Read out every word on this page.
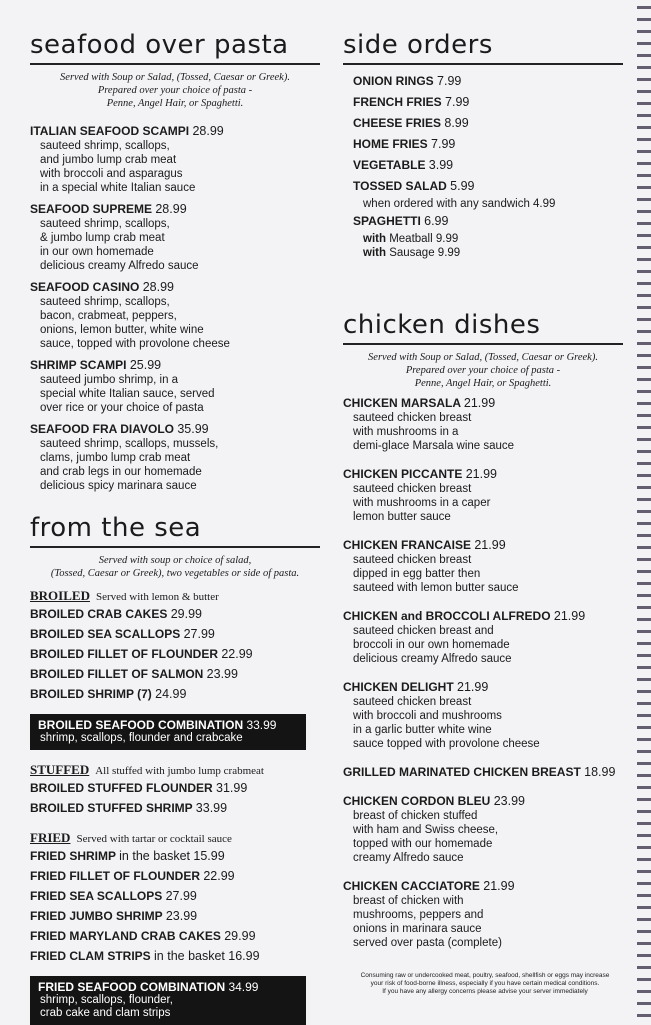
seafood over pasta
Served with Soup or Salad, (Tossed, Caesar or Greek).
Prepared over your choice of pasta -
Penne, Angel Hair, or Spaghetti.
ITALIAN SEAFOOD SCAMPI 28.99
sauteed shrimp, scallops,
and jumbo lump crab meat
with broccoli and asparagus
in a special white Italian sauce
SEAFOOD SUPREME 28.99
sauteed shrimp, scallops,
& jumbo lump crab meat
in our own homemade
delicious creamy Alfredo sauce
SEAFOOD CASINO 28.99
sauteed shrimp, scallops,
bacon, crabmeat, peppers,
onions, lemon butter, white wine
sauce, topped with provolone cheese
SHRIMP SCAMPI 25.99
sauteed jumbo shrimp, in a
special white Italian sauce, served
over rice or your choice of pasta
SEAFOOD FRA DIAVOLO 35.99
sauteed shrimp, scallops, mussels,
clams, jumbo lump crab meat
and crab legs in our homemade
delicious spicy marinara sauce
from the sea
Served with soup or choice of salad,
(Tossed, Caesar or Greek), two vegetables or side of pasta.
BROILED Served with lemon & butter
BROILED CRAB CAKES 29.99
BROILED SEA SCALLOPS 27.99
BROILED FILLET OF FLOUNDER 22.99
BROILED FILLET OF SALMON 23.99
BROILED SHRIMP (7) 24.99
BROILED SEAFOOD COMBINATION 33.99
shrimp, scallops, flounder and crabcake
STUFFED All stuffed with jumbo lump crabmeat
BROILED STUFFED FLOUNDER 31.99
BROILED STUFFED SHRIMP 33.99
FRIED Served with tartar or cocktail sauce
FRIED SHRIMP in the basket 15.99
FRIED FILLET OF FLOUNDER 22.99
FRIED SEA SCALLOPS 27.99
FRIED JUMBO SHRIMP 23.99
FRIED MARYLAND CRAB CAKES 29.99
FRIED CLAM STRIPS in the basket 16.99
FRIED SEAFOOD COMBINATION 34.99
shrimp, scallops, flounder,
crab cake and clam strips
side orders
ONION RINGS 7.99
FRENCH FRIES 7.99
CHEESE FRIES 8.99
HOME FRIES 7.99
VEGETABLE 3.99
TOSSED SALAD 5.99
when ordered with any sandwich 4.99
SPAGHETTI 6.99
with Meatball 9.99
with Sausage 9.99
chicken dishes
Served with Soup or Salad, (Tossed, Caesar or Greek).
Prepared over your choice of pasta -
Penne, Angel Hair, or Spaghetti.
CHICKEN MARSALA 21.99
sauteed chicken breast
with mushrooms in a
demi-glace Marsala wine sauce
CHICKEN PICCANTE 21.99
sauteed chicken breast
with mushrooms in a caper
lemon butter sauce
CHICKEN FRANCAISE 21.99
sauteed chicken breast
dipped in egg batter then
sauteed with lemon butter sauce
CHICKEN and BROCCOLI ALFREDO 21.99
sauteed chicken breast and
broccoli in our own homemade
delicious creamy Alfredo sauce
CHICKEN DELIGHT 21.99
sauteed chicken breast
with broccoli and mushrooms
in a garlic butter white wine
sauce topped with provolone cheese
GRILLED MARINATED CHICKEN BREAST 18.99
CHICKEN CORDON BLEU 23.99
breast of chicken stuffed
with ham and Swiss cheese,
topped with our homemade
creamy Alfredo sauce
CHICKEN CACCIATORE 21.99
breast of chicken with
mushrooms, peppers and
onions in marinara sauce
served over pasta (complete)
Consuming raw or undercooked meat, poultry, seafood, shellfish or eggs may increase
your risk of food-borne illness, especially if you have certain medical conditions.
If you have any allergy concerns please advise your server immediately
